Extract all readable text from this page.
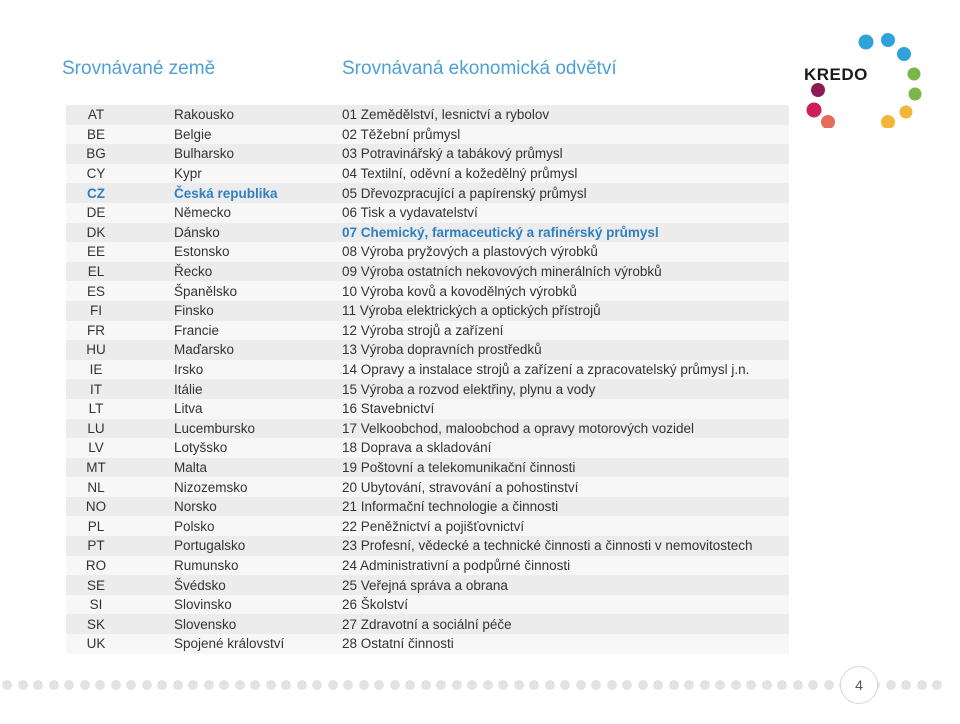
Srovnávané země	Srovnávaná ekonomická odvětví	KREDO
AT	Rakousko	01 Zemědělství, lesnictví a rybolov
BE	Belgie	02 Těžební průmysl
BG	Bulharsko	03 Potravinářský a tabákový průmysl
CY	Kypr	04 Textilní, oděvní a kožedělný průmysl
CZ	Česká republika	05 Dřevozpracující a papírenský průmysl
DE	Německo	06 Tisk a vydavatelství
DK	Dánsko	07 Chemický, farmaceutický a rafinérský průmysl
EE	Estonsko	08 Výroba pryžových a plastových výrobků
EL	Řecko	09 Výroba ostatních nekovových minerálních výrobků
ES	Španělsko	10 Výroba kovů a kovodělných výrobků
FI	Finsko	11 Výroba elektrických a optických přístrojů
FR	Francie	12 Výroba strojů a zařízení
HU	Maďarsko	13 Výroba dopravních prostředků
IE	Irsko	14 Opravy a instalace strojů a zařízení a zpracovatelský průmysl j.n.
IT	Itálie	15 Výroba a rozvod elektřiny, plynu a vody
LT	Litva	16 Stavebnictví
LU	Lucembursko	17 Velkoobchod, maloobchod a opravy motorových vozidel
LV	Lotyšsko	18 Doprava a skladování
MT	Malta	19 Poštovní a telekomunikační činnosti
NL	Nizozemsko	20 Ubytování, stravování a pohostinství
NO	Norsko	21 Informační technologie a činnosti
PL	Polsko	22 Peněžnictví a pojišťovnictví
PT	Portugalsko	23 Profesní, vědecké a technické činnosti a činnosti v nemovitostech
RO	Rumunsko	24 Administrativní a podpůrné činnosti
SE	Švédsko	25 Veřejná správa a obrana
SI	Slovinsko	26 Školství
SK	Slovensko	27 Zdravotní a sociální péče
UK	Spojené království	28 Ostatní činnosti
4
